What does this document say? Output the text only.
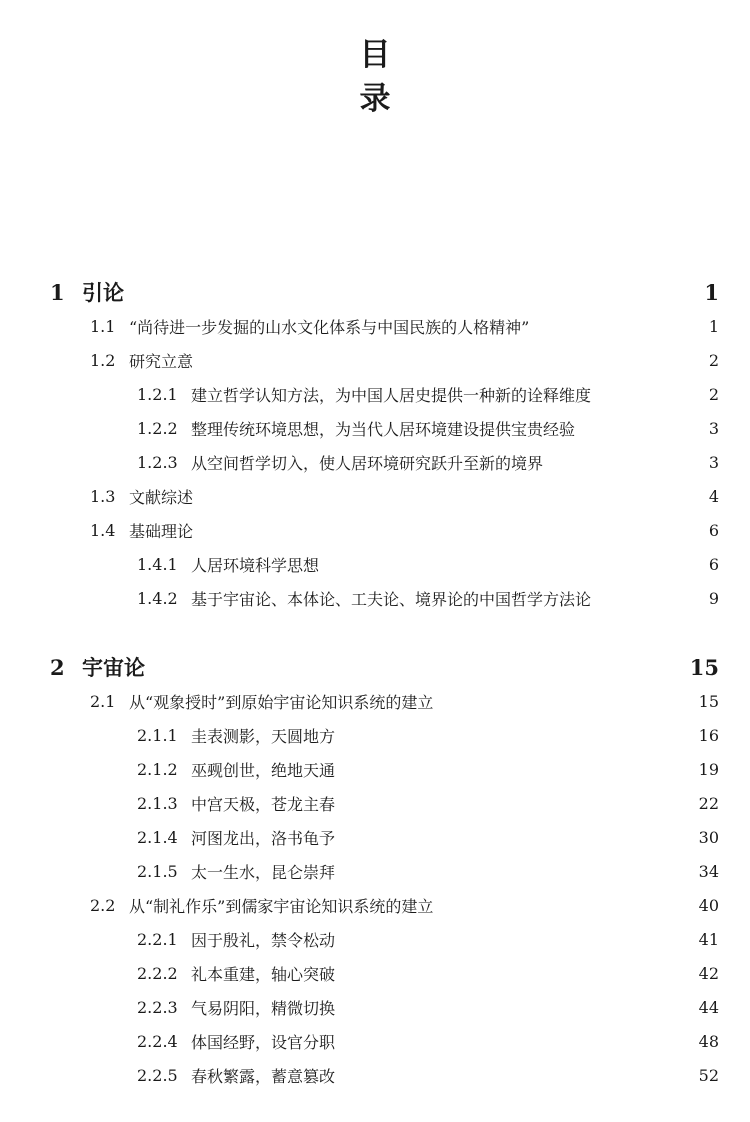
目
录
1 引论	1
1.1 “尚待进一步发掘的山水文化体系与中国民族的人格精神”	1
1.2 研究立意	2
1.2.1 建立哲学认知方法，为中国人居史提供一种新的诠释维度	2
1.2.2 整理传统环境思想，为当代人居环境建设提供宝贵经验	3
1.2.3 从空间哲学切入，使人居环境研究跃升至新的境界	3
1.3 文献综述	4
1.4 基础理论	6
1.4.1 人居环境科学思想	6
1.4.2 基于宇宙论、本体论、工夫论、境界论的中国哲学方法论	9
2 宇宙论	15
2.1 从“观象授时”到原始宇宙论知识系统的建立	15
2.1.1 圭表测影，天圆地方	16
2.1.2 巫觋创世，绝地天通	19
2.1.3 中宫天极，苍龙主春	22
2.1.4 河图龙出，洛书龟予	30
2.1.5 太一生水，昆仑崇拜	34
2.2 从“制礼作乐”到儒家宇宙论知识系统的建立	40
2.2.1 因于殷礼，禁令松动	41
2.2.2 礼本重建，轴心突破	42
2.2.3 气易阴阳，精微切换	44
2.2.4 体国经野，设官分职	48
2.2.5 春秋繁露，蓄意篡改	52
